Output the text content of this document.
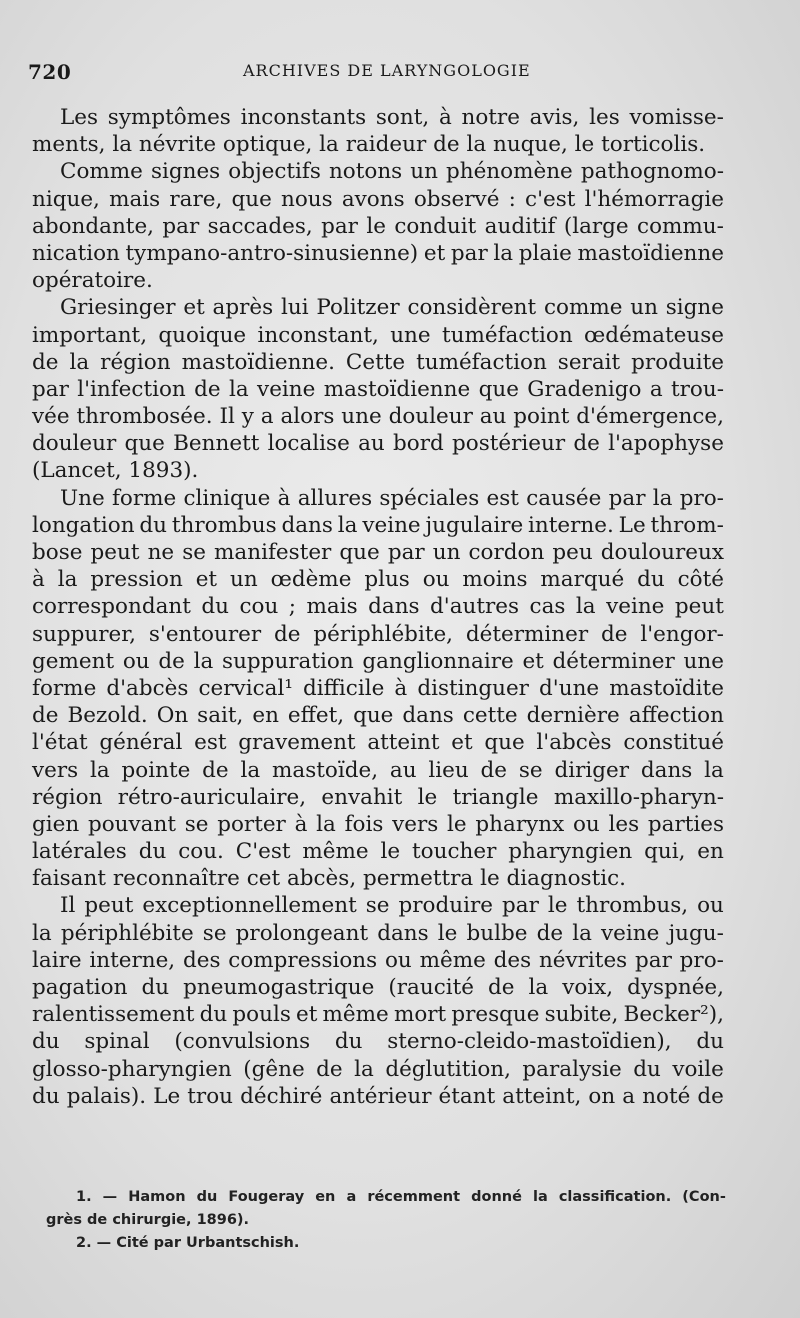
720	ARCHIVES DE LARYNGOLOGIE
Les symptômes inconstants sont, à notre avis, les vomisse-
ments, la névrite optique, la raideur de la nuque, le torticolis.
Comme signes objectifs notons un phénomène pathognomo-
nique, mais rare, que nous avons observé : c'est l'hémorragie
abondante, par saccades, par le conduit auditif (large commu-
nication tympano-antro-sinusienne) et par la plaie mastoïdienne
opératoire.
Griesinger et après lui Politzer considèrent comme un signe
important, quoique inconstant, une tuméfaction œdémateuse
de la région mastoïdienne. Cette tuméfaction serait produite
par l'infection de la veine mastoïdienne que Gradenigo a trou-
vée thrombosée. Il y a alors une douleur au point d'émergence,
douleur que Bennett localise au bord postérieur de l'apophyse
(Lancet, 1893).
Une forme clinique à allures spéciales est causée par la pro-
longation du thrombus dans la veine jugulaire interne. Le throm-
bose peut ne se manifester que par un cordon peu douloureux
à la pression et un œdème plus ou moins marqué du côté
correspondant du cou ; mais dans d'autres cas la veine peut
suppurer, s'entourer de périphlébite, déterminer de l'engor-
gement ou de la suppuration ganglionnaire et déterminer une
forme d'abcès cervical¹ difficile à distinguer d'une mastoïdite
de Bezold. On sait, en effet, que dans cette dernière affection
l'état général est gravement atteint et que l'abcès constitué
vers la pointe de la mastoïde, au lieu de se diriger dans la
région rétro-auriculaire, envahit le triangle maxillo-pharyn-
gien pouvant se porter à la fois vers le pharynx ou les parties
latérales du cou. C'est même le toucher pharyngien qui, en
faisant reconnaître cet abcès, permettra le diagnostic.
Il peut exceptionnellement se produire par le thrombus, ou
la périphlébite se prolongeant dans le bulbe de la veine jugu-
laire interne, des compressions ou même des névrites par pro-
pagation du pneumogastrique (raucité de la voix, dyspnée,
ralentissement du pouls et même mort presque subite, Becker²),
du spinal (convulsions du sterno-cleido-mastoïdien), du
glosso-pharyngien (gêne de la déglutition, paralysie du voile
du palais). Le trou déchiré antérieur étant atteint, on a noté de
1. — Hamon du Fougeray en a récemment donné la classification. (Con-
grès de chirurgie, 1896).
2. — Cité par Urbantschish.
